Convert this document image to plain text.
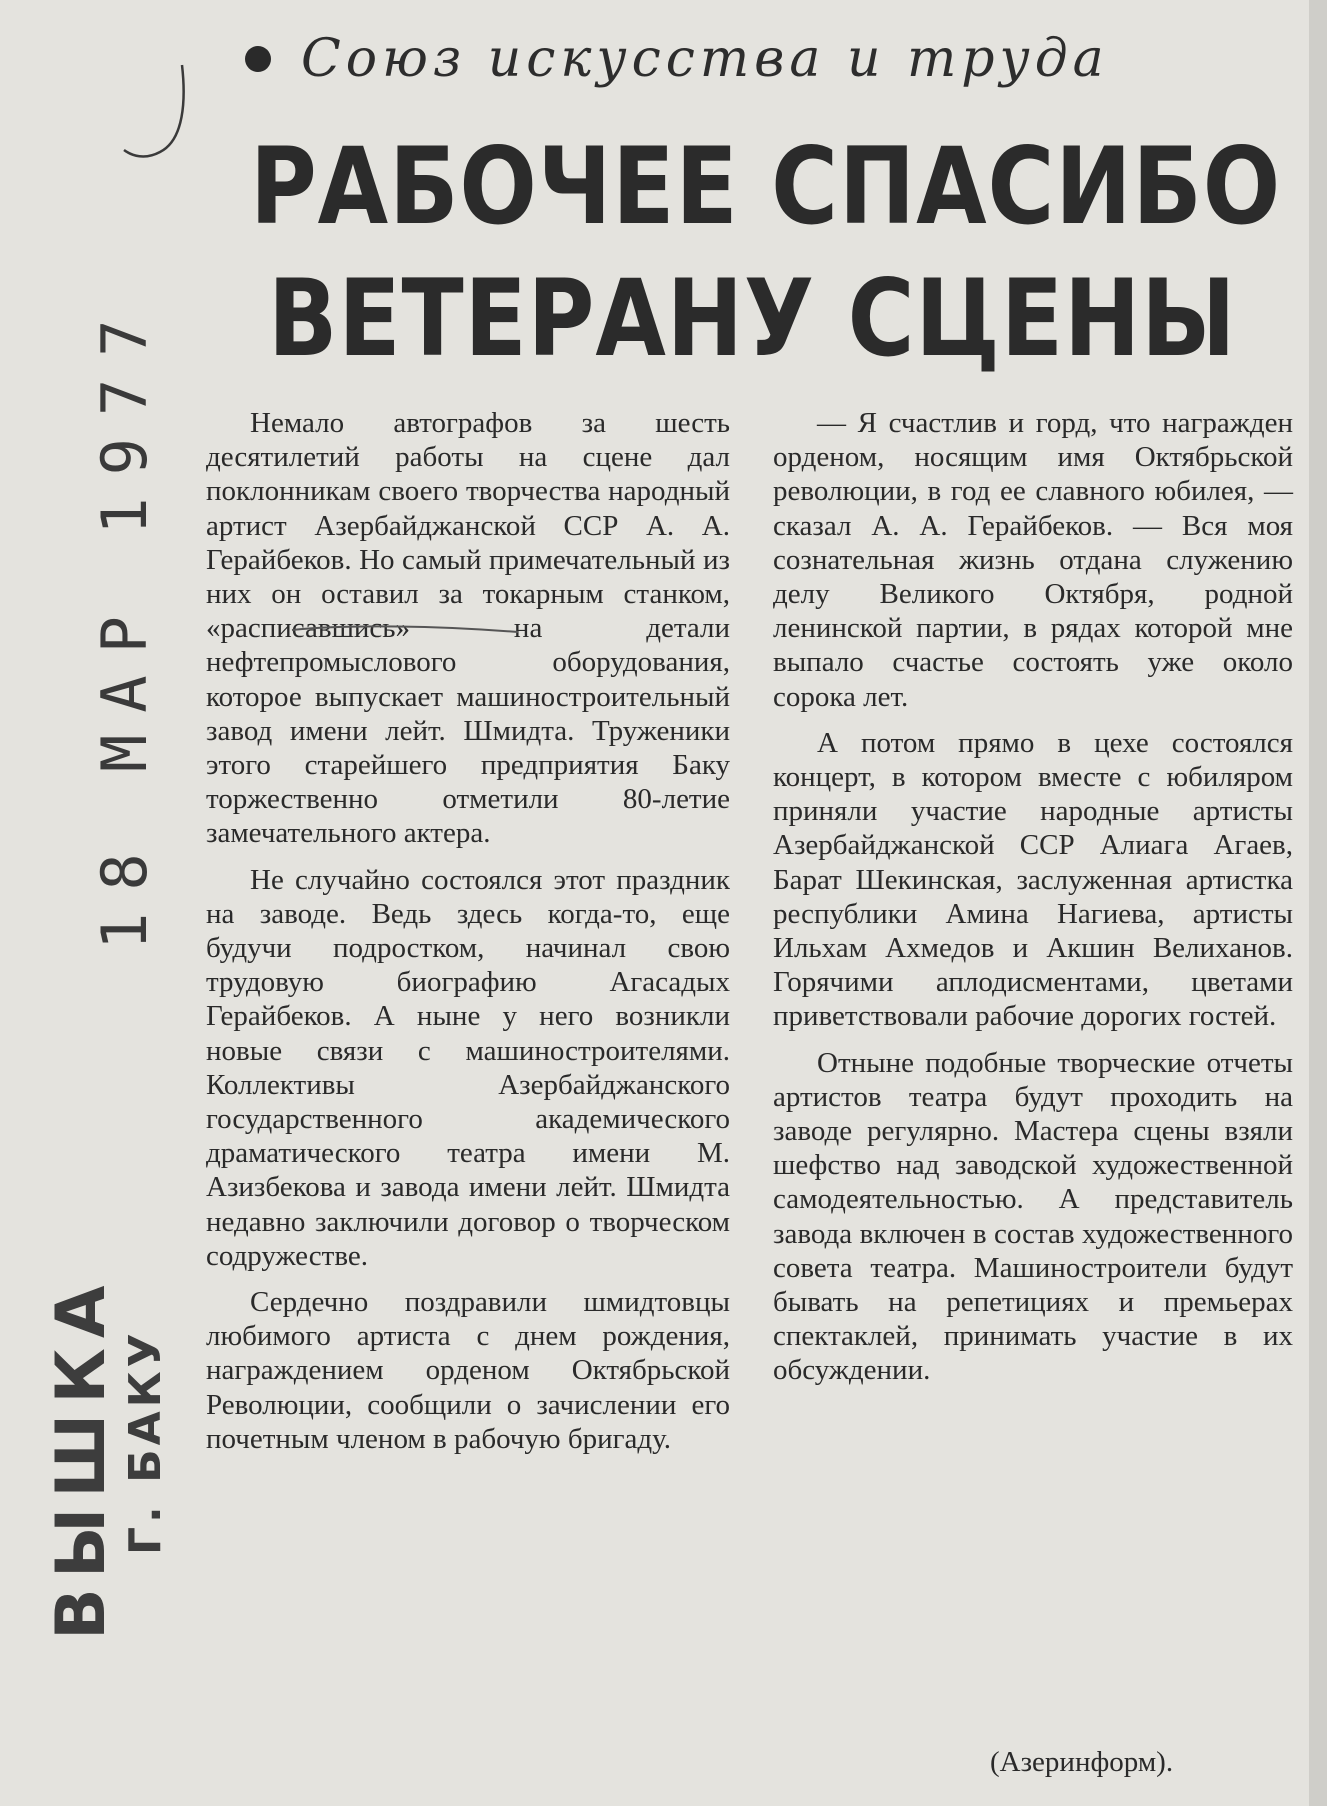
Союз искусства и труда
РАБОЧЕЕ СПАСИБО
ВЕТЕРАНУ СЦЕНЫ

Немало автографов за шесть десятилетий работы на сцене дал поклонникам своего творчества народный артист Азербайджанской ССР А. А. Герайбеков. Но самый примечательный из них он оставил за токарным станком, «расписавшись» на детали нефтепромыслового оборудования, которое выпускает машиностроительный завод имени лейт. Шмидта. Труженики этого старейшего предприятия Баку торжественно отметили 80-летие замечательного актера.

Не случайно состоялся этот праздник на заводе. Ведь здесь когда-то, еще будучи подростком, начинал свою трудовую биографию Агасадых Герайбеков. А ныне у него возникли новые связи с машиностроителями. Коллективы Азербайджанского государственного академического драматического театра имени М. Азизбекова и завода имени лейт. Шмидта недавно заключили договор о творческом содружестве.

Сердечно поздравили шмидтовцы любимого артиста с днем рождения, награждением орденом Октябрьской Революции, сообщили о зачислении его почетным членом в рабочую бригаду.

— Я счастлив и горд, что награжден орденом, носящим имя Октябрьской революции, в год ее славного юбилея, — сказал А. А. Герайбеков. — Вся моя сознательная жизнь отдана служению делу Великого Октября, родной ленинской партии, в рядах которой мне выпало счастье состоять уже около сорока лет.

А потом прямо в цехе состоялся концерт, в котором вместе с юбиляром приняли участие народные артисты Азербайджанской ССР Алиага Агаев, Барат Шекинская, заслуженная артистка республики Амина Нагиева, артисты Ильхам Ахмедов и Акшин Велиханов. Горячими аплодисментами, цветами приветствовали рабочие дорогих гостей.

Отныне подобные творческие отчеты артистов театра будут проходить на заводе регулярно. Мастера сцены взяли шефство над заводской художественной самодеятельностью. А представитель завода включен в состав художественного совета театра. Машиностроители будут бывать на репетициях и премьерах спектаклей, принимать участие в их обсуждении.

(Азеринформ).
18 МАР 1977
ВЫШКА Г. БАКУ
